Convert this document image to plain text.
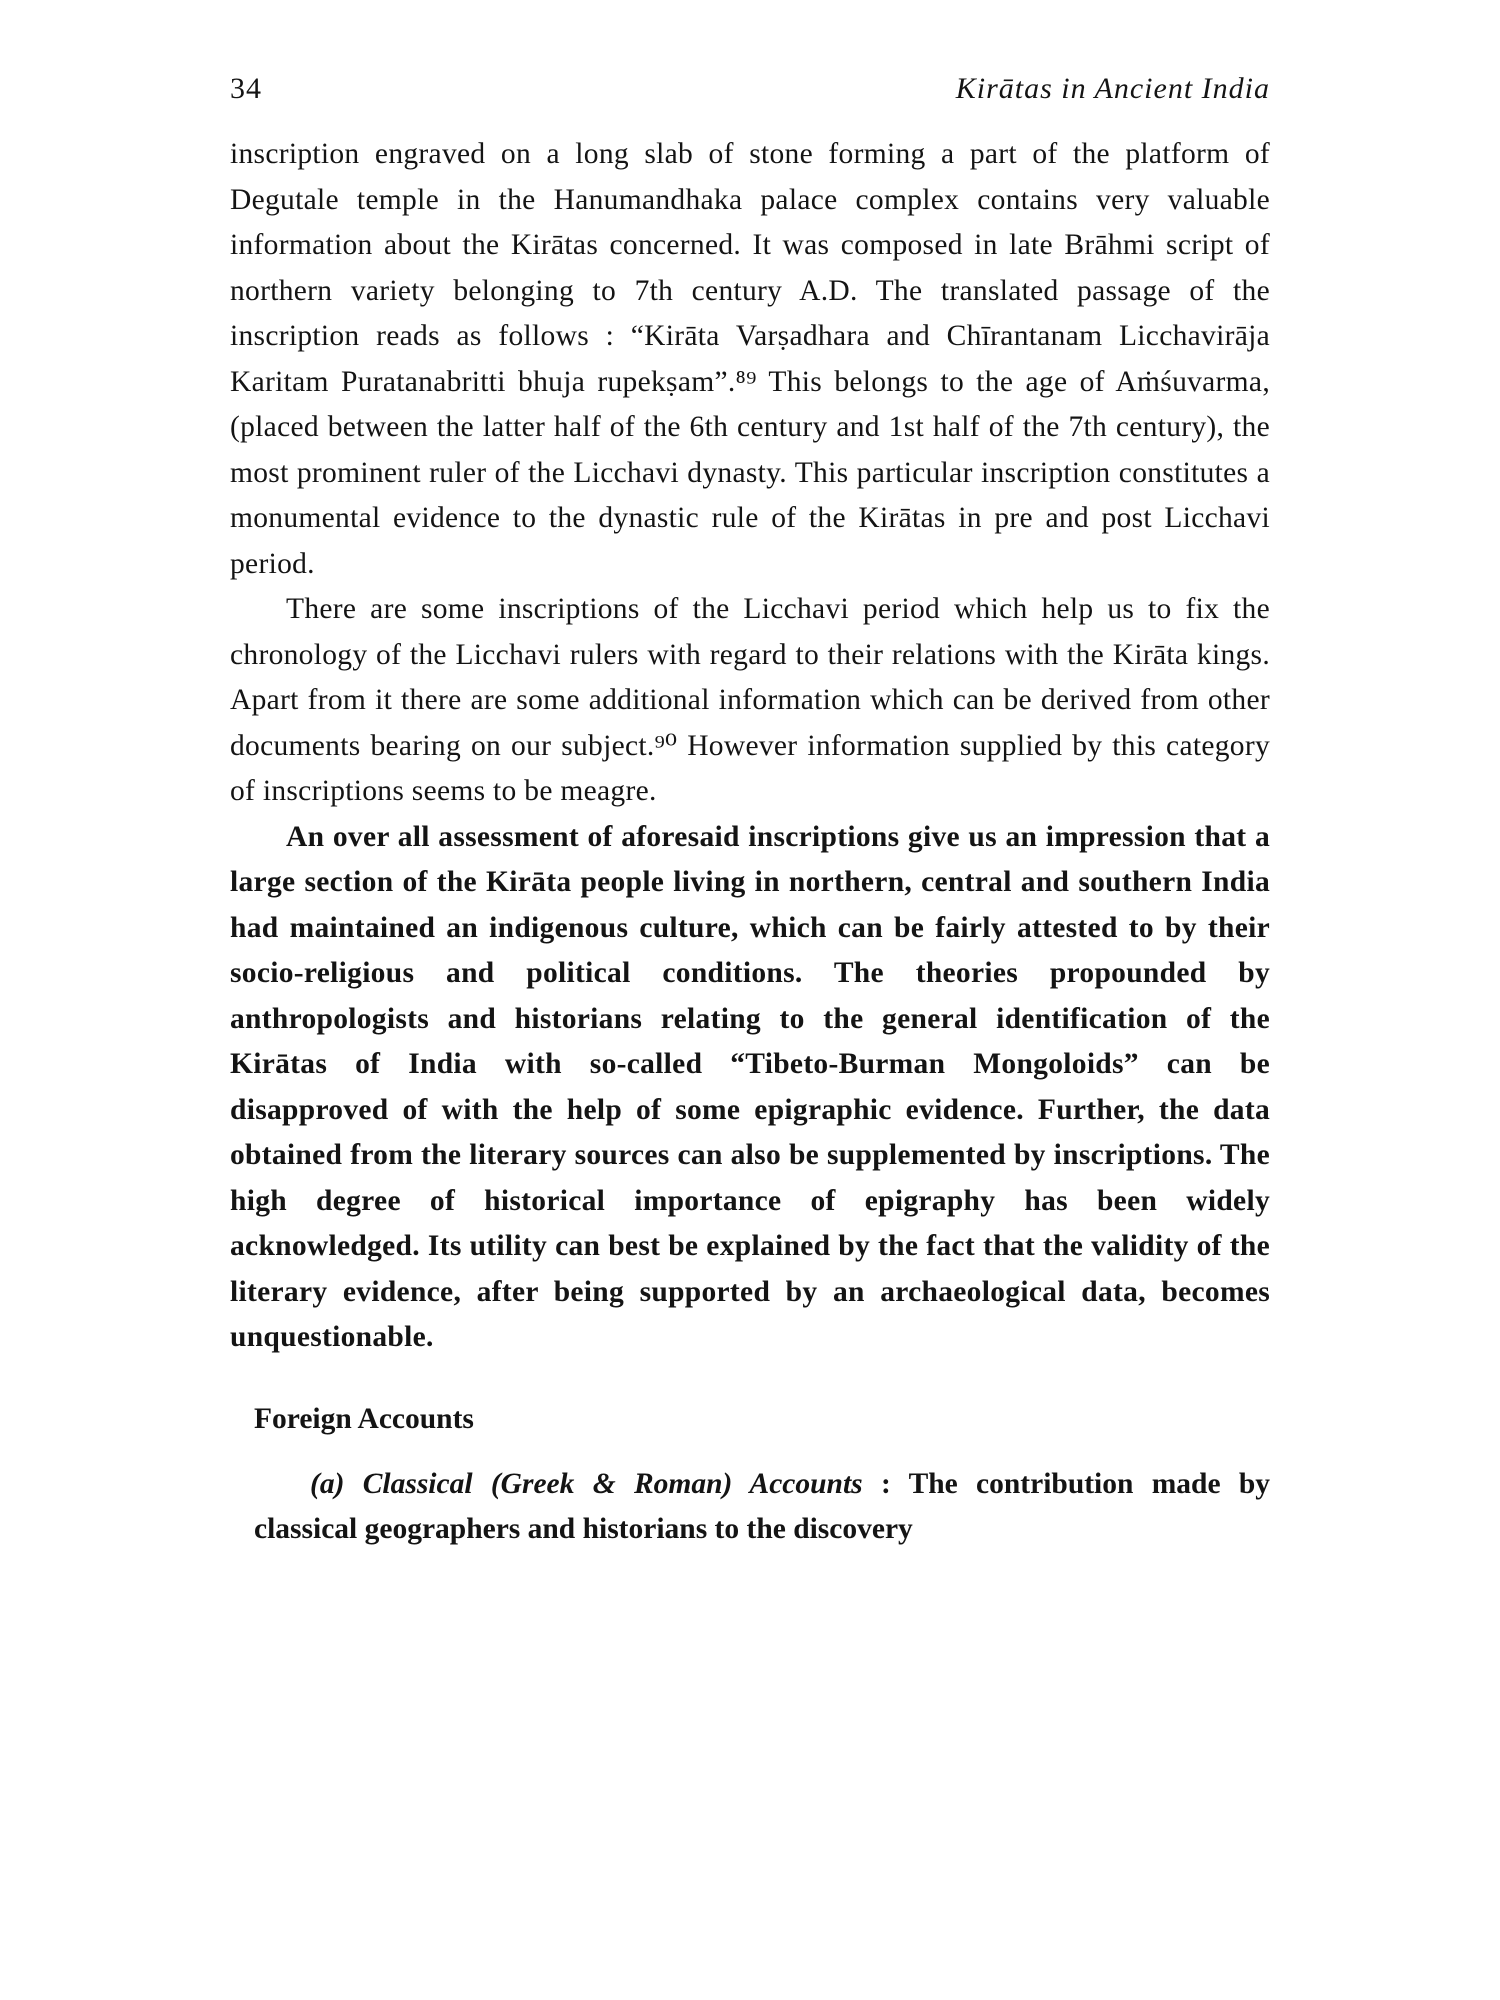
34	Kirātas in Ancient India

inscription engraved on a long slab of stone forming a part of the platform of Degutale temple in the Hanumandhaka palace complex contains very valuable information about the Kirātas concerned. It was composed in late Brāhmi script of northern variety belonging to 7th century A.D. The translated passage of the inscription reads as follows : “Kirāta Varṣadhara and Chīrantanam Licchavirāja Karitam Puratanabritti bhuja rupekṣam”.⁸⁹ This belongs to the age of Aṁśuvarma, (placed between the latter half of the 6th century and 1st half of the 7th century), the most prominent ruler of the Licchavi dynasty. This particular inscription constitutes a monumental evidence to the dynastic rule of the Kirātas in pre and post Licchavi period.

There are some inscriptions of the Licchavi period which help us to fix the chronology of the Licchavi rulers with regard to their relations with the Kirāta kings. Apart from it there are some additional information which can be derived from other documents bearing on our subject.⁹⁰ However information supplied by this category of inscriptions seems to be meagre.

An over all assessment of aforesaid inscriptions give us an impression that a large section of the Kirāta people living in northern, central and southern India had maintained an indigenous culture, which can be fairly attested to by their socio-religious and political conditions. The theories propounded by anthropologists and historians relating to the general identification of the Kirātas of India with so-called “Tibeto-Burman Mongoloids” can be disapproved of with the help of some epigraphic evidence. Further, the data obtained from the literary sources can also be supplemented by inscriptions. The high degree of historical importance of epigraphy has been widely acknowledged. Its utility can best be explained by the fact that the validity of the literary evidence, after being supported by an archaeological data, becomes unquestionable.

Foreign Accounts

(a) Classical (Greek & Roman) Accounts : The contribution made by classical geographers and historians to the discovery
